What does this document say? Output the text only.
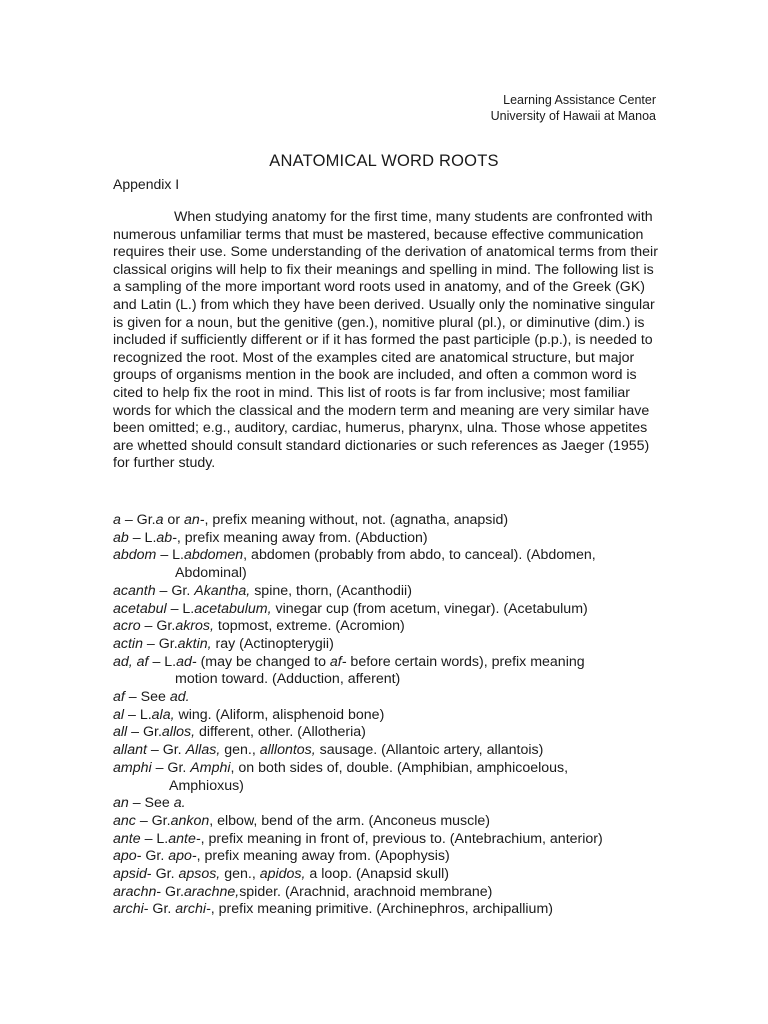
Learning Assistance Center
University of Hawaii at Manoa
ANATOMICAL WORD ROOTS
Appendix I

When studying anatomy for the first time, many students are confronted with numerous unfamiliar terms that must be mastered, because effective communication requires their use. Some understanding of the derivation of anatomical terms from their classical origins will help to fix their meanings and spelling in mind. The following list is a sampling of the more important word roots used in anatomy, and of the Greek (GK) and Latin (L.) from which they have been derived. Usually only the nominative singular is given for a noun, but the genitive (gen.), nomitive plural (pl.), or diminutive (dim.) is included if sufficiently different or if it has formed the past participle (p.p.), is needed to recognized the root. Most of the examples cited are anatomical structure, but major groups of organisms mention in the book are included, and often a common word is cited to help fix the root in mind. This list of roots is far from inclusive; most familiar words for which the classical and the modern term and meaning are very similar have been omitted; e.g., auditory, cardiac, humerus, pharynx, ulna. Those whose appetites are whetted should consult standard dictionaries or such references as Jaeger (1955) for further study.

a – Gr.a or an-, prefix meaning without, not. (agnatha, anapsid)
ab – L.ab-, prefix meaning away from. (Abduction)
abdom – L.abdomen, abdomen (probably from abdo, to canceal). (Abdomen,
Abdominal)
acanth – Gr. Akantha, spine, thorn, (Acanthodii)
acetabul – L.acetabulum, vinegar cup (from acetum, vinegar). (Acetabulum)
acro – Gr.akros, topmost, extreme. (Acromion)
actin – Gr.aktin, ray (Actinopterygii)
ad, af – L.ad- (may be changed to af- before certain words), prefix meaning
motion toward. (Adduction, afferent)
af – See ad.
al – L.ala, wing. (Aliform, alisphenoid bone)
all – Gr.allos, different, other. (Allotheria)
allant – Gr. Allas, gen., alllontos, sausage. (Allantoic artery, allantois)
amphi – Gr. Amphi, on both sides of, double. (Amphibian, amphicoelous,
Amphioxus)
an – See a.
anc – Gr.ankon, elbow, bend of the arm. (Anconeus muscle)
ante – L.ante-, prefix meaning in front of, previous to. (Antebrachium, anterior)
apo- Gr. apo-, prefix meaning away from. (Apophysis)
apsid- Gr. apsos, gen., apidos, a loop. (Anapsid skull)
arachn- Gr.arachne,spider. (Arachnid, arachnoid membrane)
archi- Gr. archi-, prefix meaning primitive. (Archinephros, archipallium)
